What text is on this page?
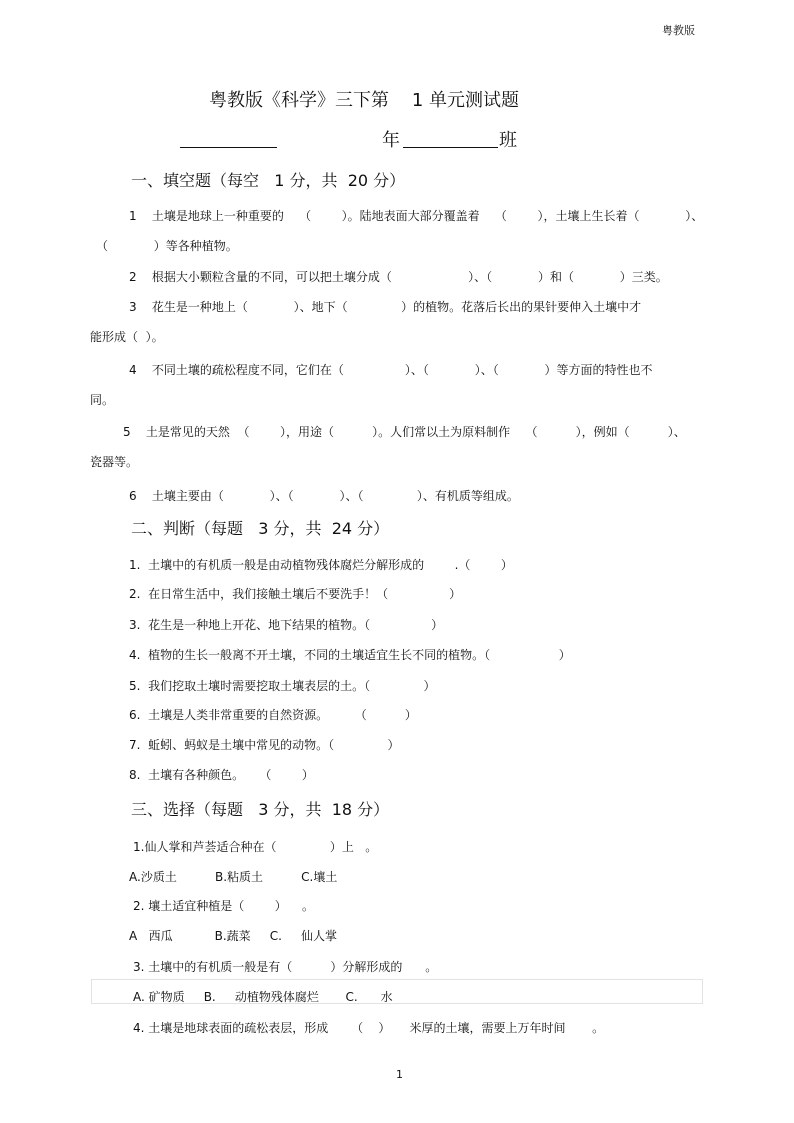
粤教版
粤教版《科学》三下第    1 单元测试题
年	班
一、填空题（每空   1 分，共  20 分）
1    土壤是地球上一种重要的    （        ）。陆地表面大部分覆盖着    （        ），土壤上生长着（            ）、
（            ）等各种植物。
2    根据大小颗粒含量的不同，可以把土壤分成（                    ）、（            ）和（            ）三类。
3    花生是一种地上（            ）、地下（              ）的植物。花落后长出的果针要伸入土壤中才
能形成（  ）。
4    不同土壤的疏松程度不同，它们在（                ）、（            ）、（            ）等方面的特性也不
同。
5    土是常见的天然  （        ），用途（          ）。人们常以土为原料制作    （          ），例如（          ）、
瓷器等。
6    土壤主要由（            ）、（            ）、（              ）、有机质等组成。
二、判断（每题   3 分，共  24 分）
1.  土壤中的有机质一般是由动植物残体腐烂分解形成的        .（        ）
2.  在日常生活中，我们接触土壤后不要洗手！（                ）
3.  花生是一种地上开花、地下结果的植物。（                ）
4.  植物的生长一般离不开土壤，不同的土壤适宜生长不同的植物。（                  ）
5.  我们挖取土壤时需要挖取土壤表层的土。（              ）
6.  土壤是人类非常重要的自然资源。       （          ）
7.  蚯蚓、蚂蚁是土壤中常见的动物。（              ）
8.  土壤有各种颜色。    （        ）
三、选择（每题   3 分，共  18 分）
1.仙人掌和芦荟适合种在（              ）上   。
A.沙质土          B.粘质土          C.壤土
2. 壤土适宜种植是（        ）    。
A   西瓜           B.蔬菜     C.     仙人掌
3. 土壤中的有机质一般是有（          ）分解形成的      。
A. 矿物质     B.     动植物残体腐烂       C.      水
4. 土壤是地球表面的疏松表层，形成      （    ）     米厚的土壤，需要上万年时间       。
1
